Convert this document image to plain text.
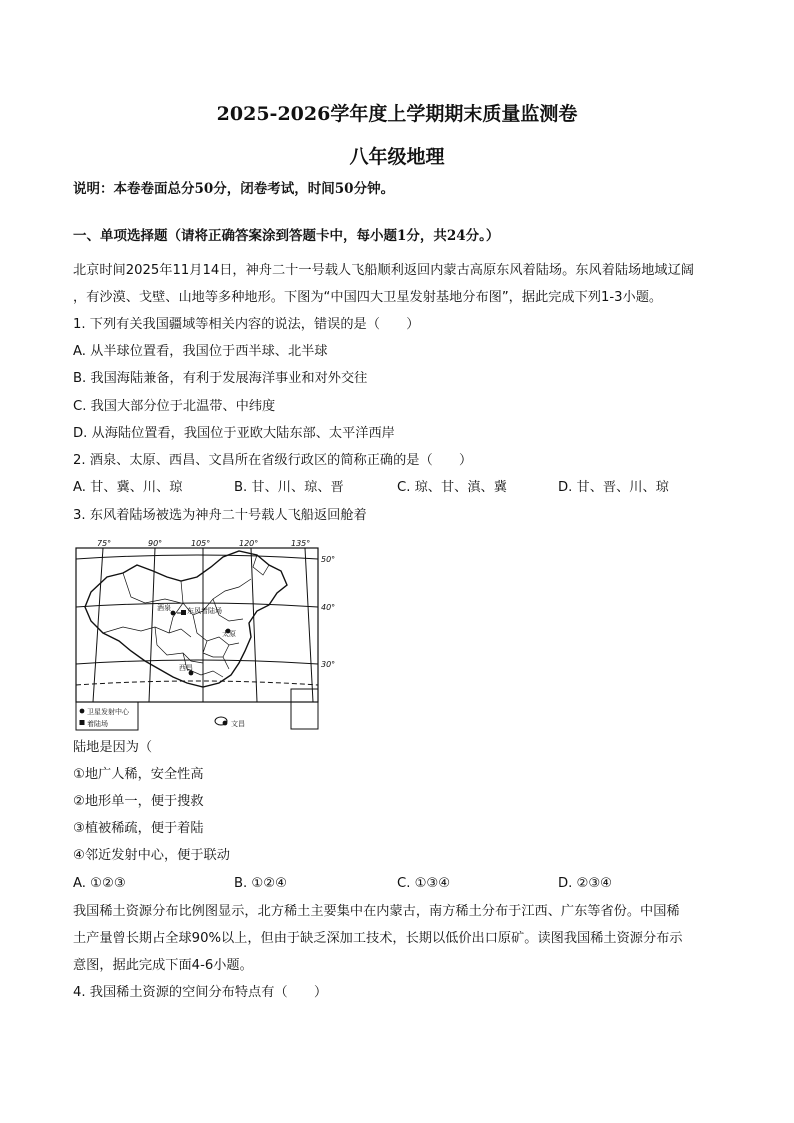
2025-2026学年度上学期期末质量监测卷
八年级地理
说明：本卷卷面总分50分，闭卷考试，时间50分钟。
一、单项选择题（请将正确答案涂到答题卡中，每小题1分，共24分。）
北京时间2025年11月14日，神舟二十一号载人飞船顺利返回内蒙古高原东风着陆场。东风着陆场地域辽阔
，有沙漠、戈壁、山地等多种地形。下图为“中国四大卫星发射基地分布图”，据此完成下列1-3小题。
1. 下列有关我国疆域等相关内容的说法，错误的是（　　）
A. 从半球位置看，我国位于西半球、北半球
B. 我国海陆兼备，有利于发展海洋事业和对外交往
C. 我国大部分位于北温带、中纬度
D. 从海陆位置看，我国位于亚欧大陆东部、太平洋西岸
2. 酒泉、太原、西昌、文昌所在省级行政区的简称正确的是（　　）
A. 甘、冀、川、琼	B. 甘、川、琼、晋	C. 琼、甘、滇、冀	D. 甘、晋、川、琼
3. 东风着陆场被选为神舟二十号载人飞船返回舱着
75°	90°	105°	120°	135°
50°
40°
30°
酒泉 东风着陆场
太原
西昌
文昌
卫星发射中心
着陆场
陆地是因为（
①地广人稀，安全性高
②地形单一，便于搜救
③植被稀疏，便于着陆
④邻近发射中心，便于联动
A. ①②③	B. ①②④	C. ①③④	D. ②③④
我国稀土资源分布比例图显示，北方稀土主要集中在内蒙古，南方稀土分布于江西、广东等省份。中国稀
土产量曾长期占全球90%以上，但由于缺乏深加工技术，长期以低价出口原矿。读图我国稀土资源分布示
意图，据此完成下面4-6小题。
4. 我国稀土资源的空间分布特点有（　　）
